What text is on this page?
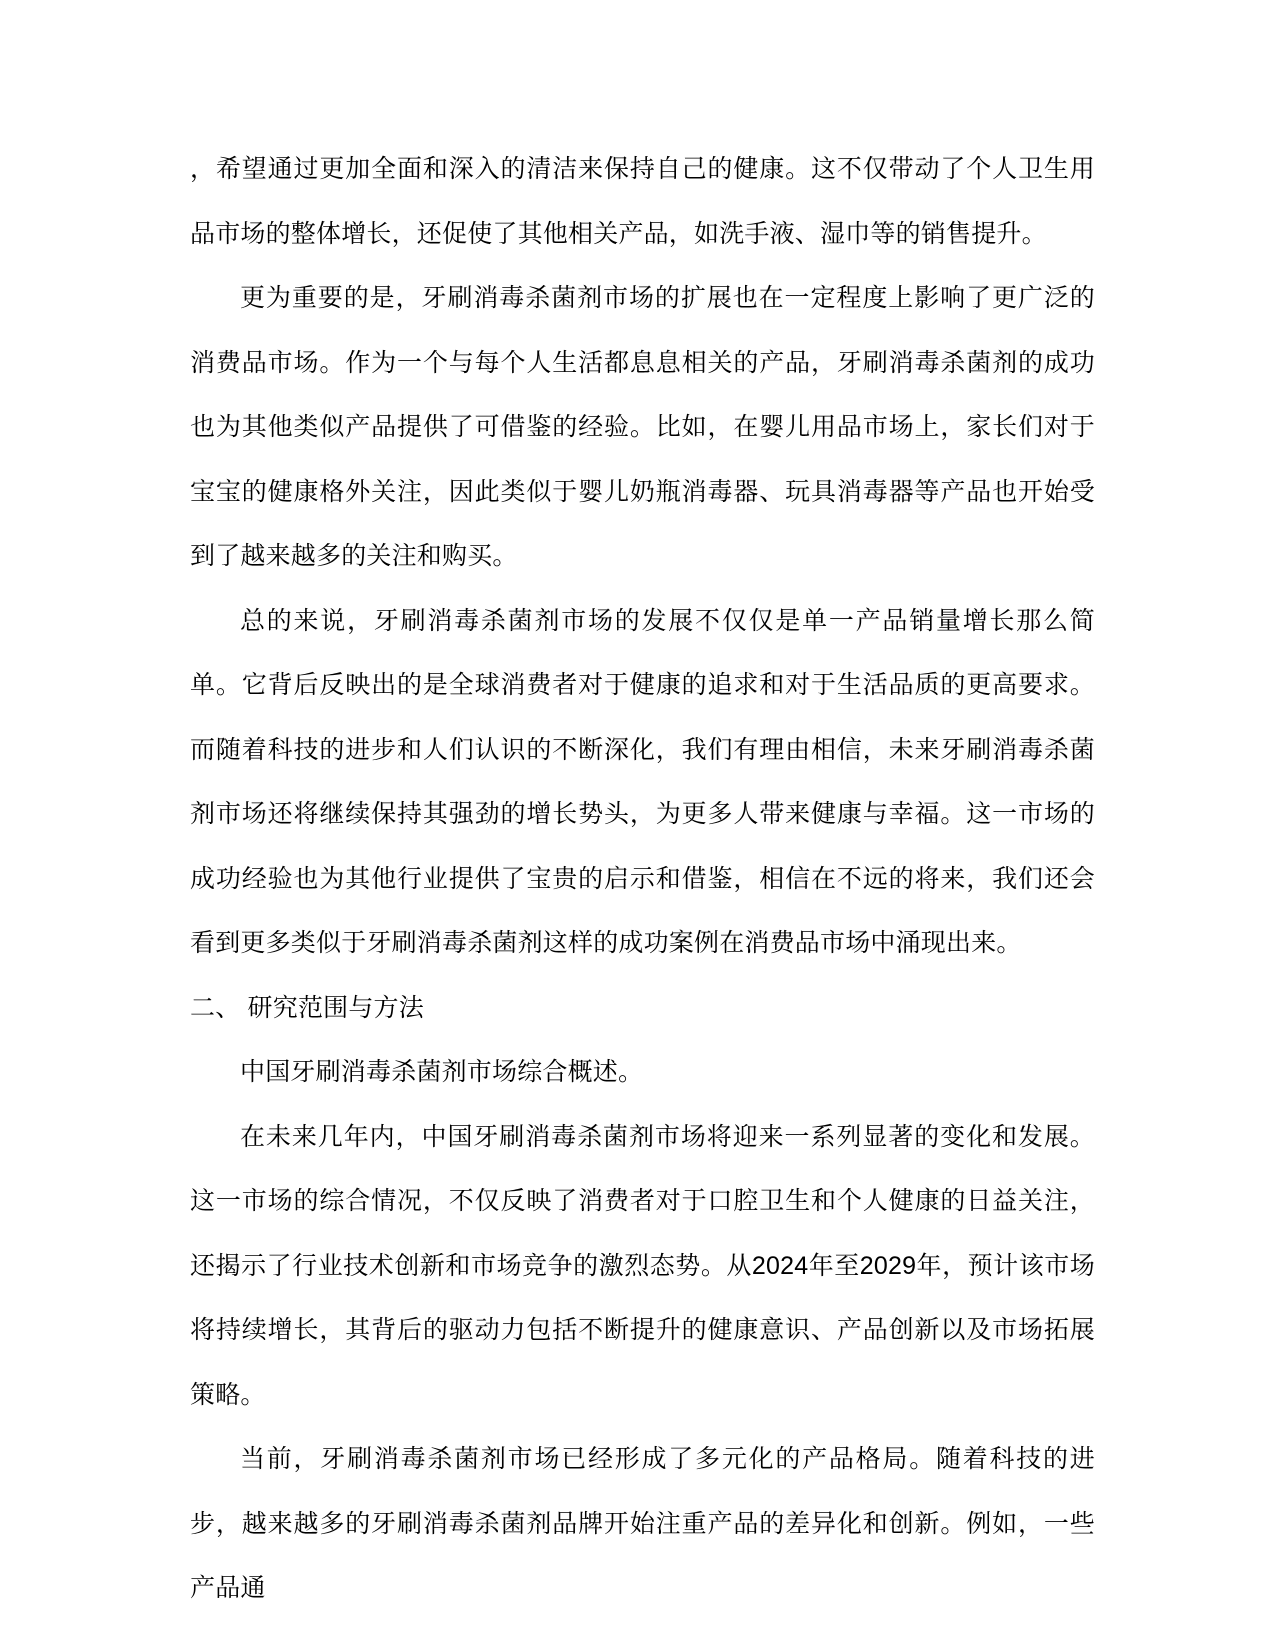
，希望通过更加全面和深入的清洁来保持自己的健康。这不仅带动了个人卫生用品市场的整体增长，还促使了其他相关产品，如洗手液、湿巾等的销售提升。

更为重要的是，牙刷消毒杀菌剂市场的扩展也在一定程度上影响了更广泛的消费品市场。作为一个与每个人生活都息息相关的产品，牙刷消毒杀菌剂的成功也为其他类似产品提供了可借鉴的经验。比如，在婴儿用品市场上，家长们对于宝宝的健康格外关注，因此类似于婴儿奶瓶消毒器、玩具消毒器等产品也开始受到了越来越多的关注和购买。

总的来说，牙刷消毒杀菌剂市场的发展不仅仅是单一产品销量增长那么简单。它背后反映出的是全球消费者对于健康的追求和对于生活品质的更高要求。而随着科技的进步和人们认识的不断深化，我们有理由相信，未来牙刷消毒杀菌剂市场还将继续保持其强劲的增长势头，为更多人带来健康与幸福。这一市场的成功经验也为其他行业提供了宝贵的启示和借鉴，相信在不远的将来，我们还会看到更多类似于牙刷消毒杀菌剂这样的成功案例在消费品市场中涌现出来。

二、 研究范围与方法

中国牙刷消毒杀菌剂市场综合概述。

在未来几年内，中国牙刷消毒杀菌剂市场将迎来一系列显著的变化和发展。这一市场的综合情况，不仅反映了消费者对于口腔卫生和个人健康的日益关注，还揭示了行业技术创新和市场竞争的激烈态势。从2024年至2029年，预计该市场将持续增长，其背后的驱动力包括不断提升的健康意识、产品创新以及市场拓展策略。

当前，牙刷消毒杀菌剂市场已经形成了多元化的产品格局。随着科技的进步，越来越多的牙刷消毒杀菌剂品牌开始注重产品的差异化和创新。例如，一些产品通
